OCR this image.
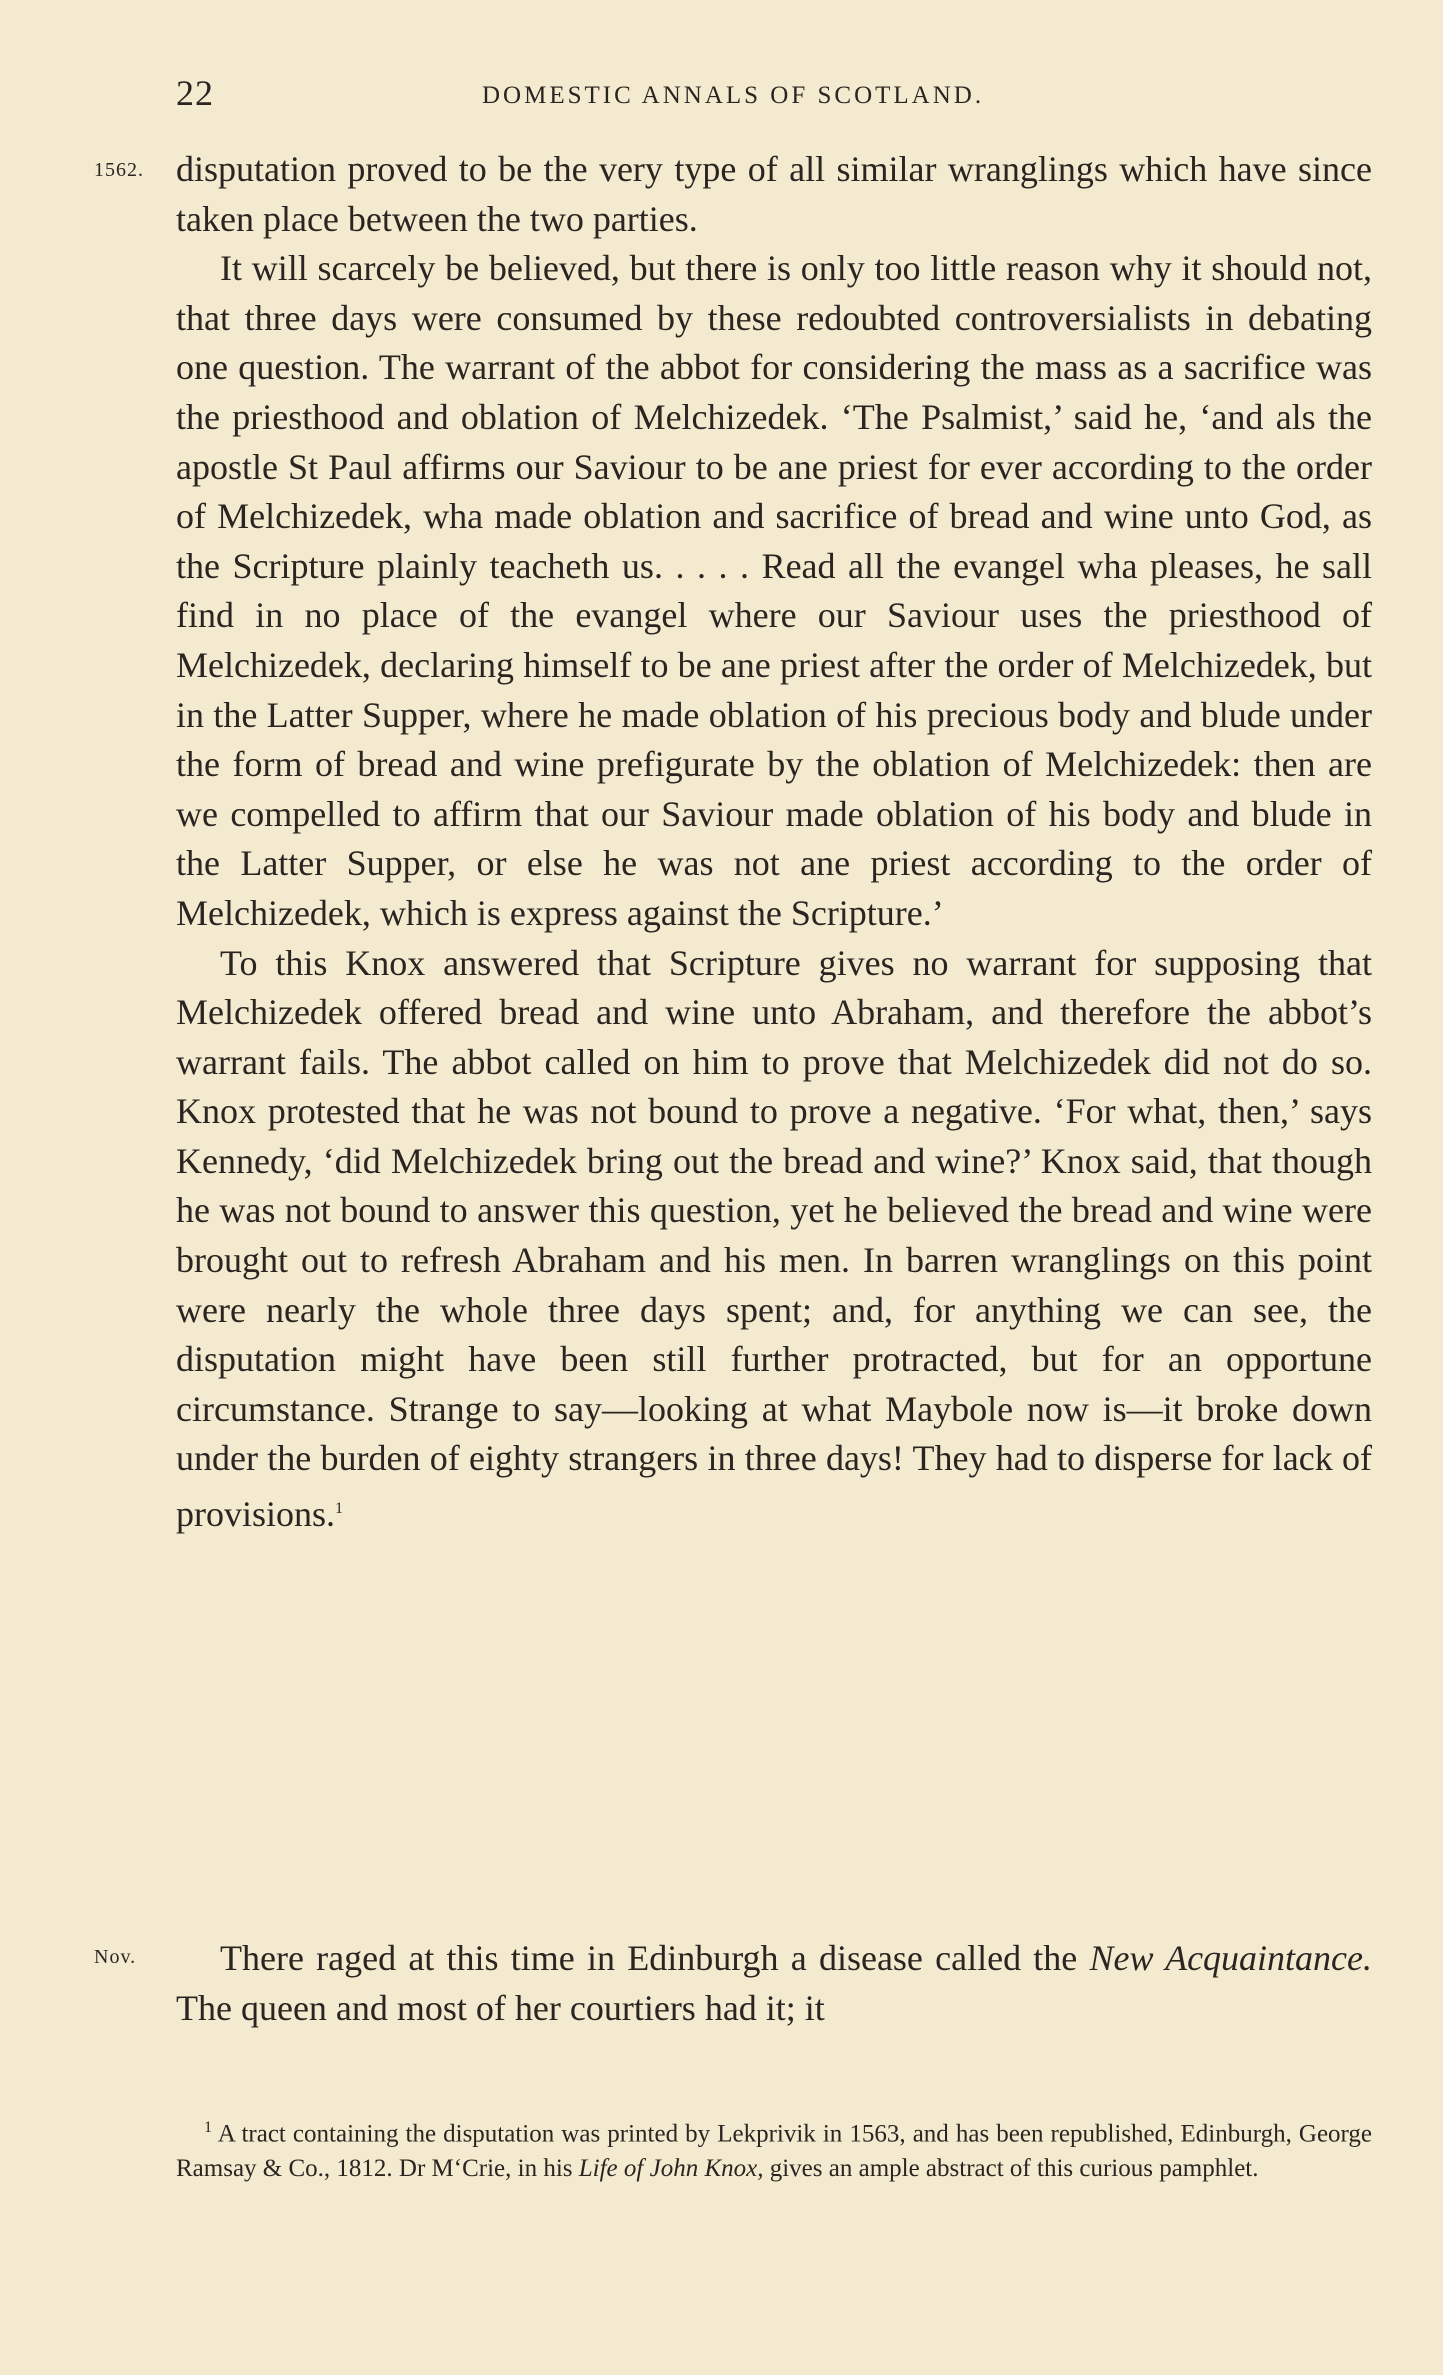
22	DOMESTIC ANNALS OF SCOTLAND.
1562. disputation proved to be the very type of all similar wranglings which have since taken place between the two parties.

It will scarcely be believed, but there is only too little reason why it should not, that three days were consumed by these redoubted controversialists in debating one question. The warrant of the abbot for considering the mass as a sacrifice was the priesthood and oblation of Melchizedek. ‘The Psalmist,’ said he, ‘and als the apostle St Paul affirms our Saviour to be ane priest for ever according to the order of Melchizedek, wha made oblation and sacrifice of bread and wine unto God, as the Scripture plainly teacheth us. . . . . Read all the evangel wha pleases, he sall find in no place of the evangel where our Saviour uses the priesthood of Melchizedek, declaring himself to be ane priest after the order of Melchizedek, but in the Latter Supper, where he made oblation of his precious body and blude under the form of bread and wine prefigurate by the oblation of Melchizedek: then are we compelled to affirm that our Saviour made oblation of his body and blude in the Latter Supper, or else he was not ane priest according to the order of Melchizedek, which is express against the Scripture.’

To this Knox answered that Scripture gives no warrant for supposing that Melchizedek offered bread and wine unto Abraham, and therefore the abbot’s warrant fails. The abbot called on him to prove that Melchizedek did not do so. Knox protested that he was not bound to prove a negative. ‘For what, then,’ says Kennedy, ‘did Melchizedek bring out the bread and wine?’ Knox said, that though he was not bound to answer this question, yet he believed the bread and wine were brought out to refresh Abraham and his men. In barren wranglings on this point were nearly the whole three days spent; and, for anything we can see, the disputation might have been still further protracted, but for an opportune circumstance. Strange to say—looking at what Maybole now is—it broke down under the burden of eighty strangers in three days! They had to disperse for lack of provisions.$^1$

Nov.	There raged at this time in Edinburgh a disease called the New Acquaintance. The queen and most of her courtiers had it; it

$^1$ A tract containing the disputation was printed by Lekprivik in 1563, and has been republished, Edinburgh, George Ramsay & Co., 1812. Dr M‘Crie, in his Life of John Knox, gives an ample abstract of this curious pamphlet.
